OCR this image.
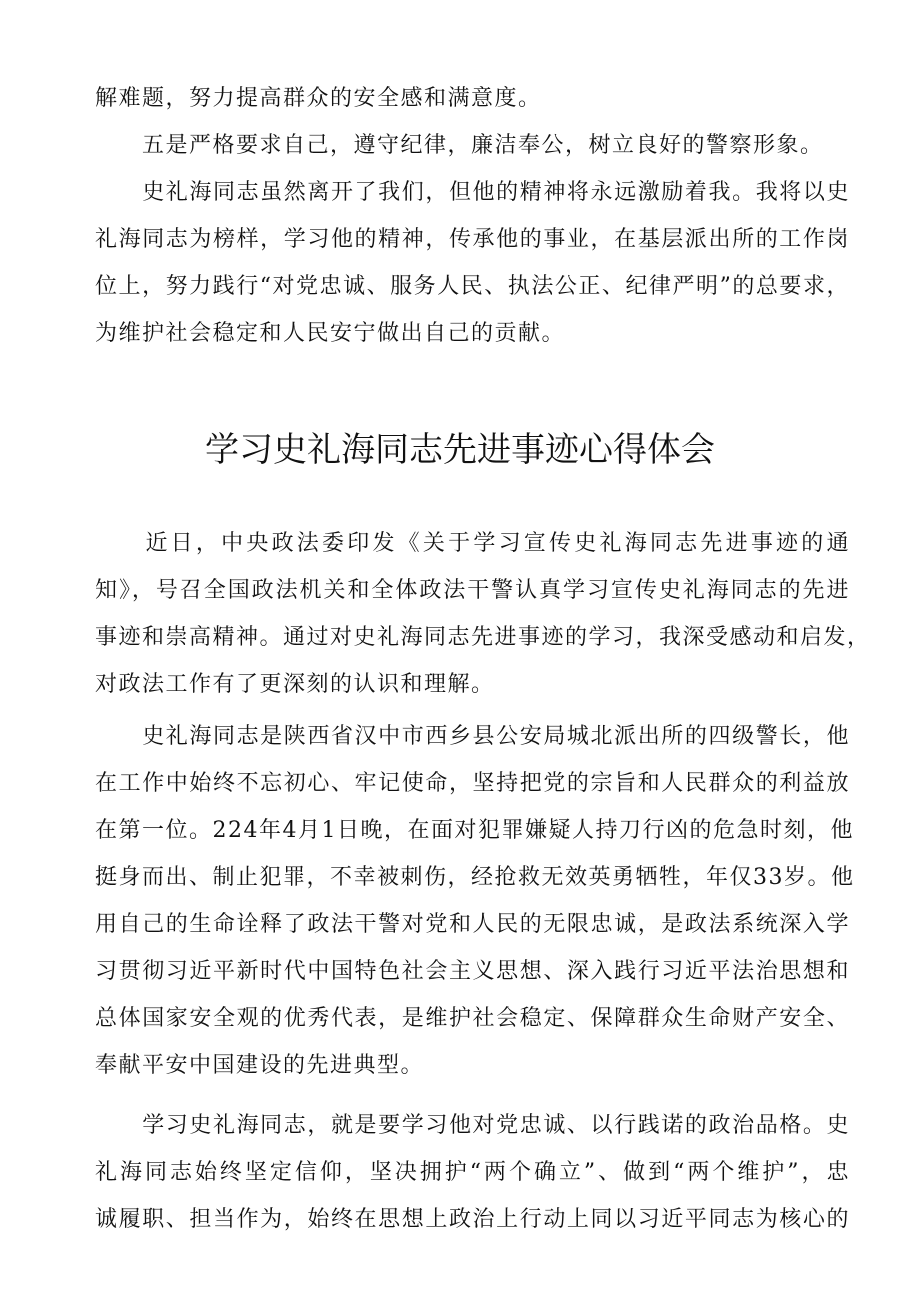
解难题，努力提高群众的安全感和满意度。
　　五是严格要求自己，遵守纪律，廉洁奉公，树立良好的警察形象。
　　史礼海同志虽然离开了我们，但他的精神将永远激励着我。我将以史
礼海同志为榜样，学习他的精神，传承他的事业，在基层派出所的工作岗
位上，努力践行“对党忠诚、服务人民、执法公正、纪律严明”的总要求，
为维护社会稳定和人民安宁做出自己的贡献。
学习史礼海同志先进事迹心得体会
　　近日，中央政法委印发《关于学习宣传史礼海同志先进事迹的通
知》，号召全国政法机关和全体政法干警认真学习宣传史礼海同志的先进
事迹和崇高精神。通过对史礼海同志先进事迹的学习，我深受感动和启发，
对政法工作有了更深刻的认识和理解。
　　史礼海同志是陕西省汉中市西乡县公安局城北派出所的四级警长，他
在工作中始终不忘初心、牢记使命，坚持把党的宗旨和人民群众的利益放
在第一位。224年4月1日晚，在面对犯罪嫌疑人持刀行凶的危急时刻，他
挺身而出、制止犯罪，不幸被刺伤，经抢救无效英勇牺牲，年仅33岁。他
用自己的生命诠释了政法干警对党和人民的无限忠诚，是政法系统深入学
习贯彻习近平新时代中国特色社会主义思想、深入践行习近平法治思想和
总体国家安全观的优秀代表，是维护社会稳定、保障群众生命财产安全、
奉献平安中国建设的先进典型。
　　学习史礼海同志，就是要学习他对党忠诚、以行践诺的政治品格。史
礼海同志始终坚定信仰，坚决拥护“两个确立”、做到“两个维护”，忠
诚履职、担当作为，始终在思想上政治上行动上同以习近平同志为核心的
